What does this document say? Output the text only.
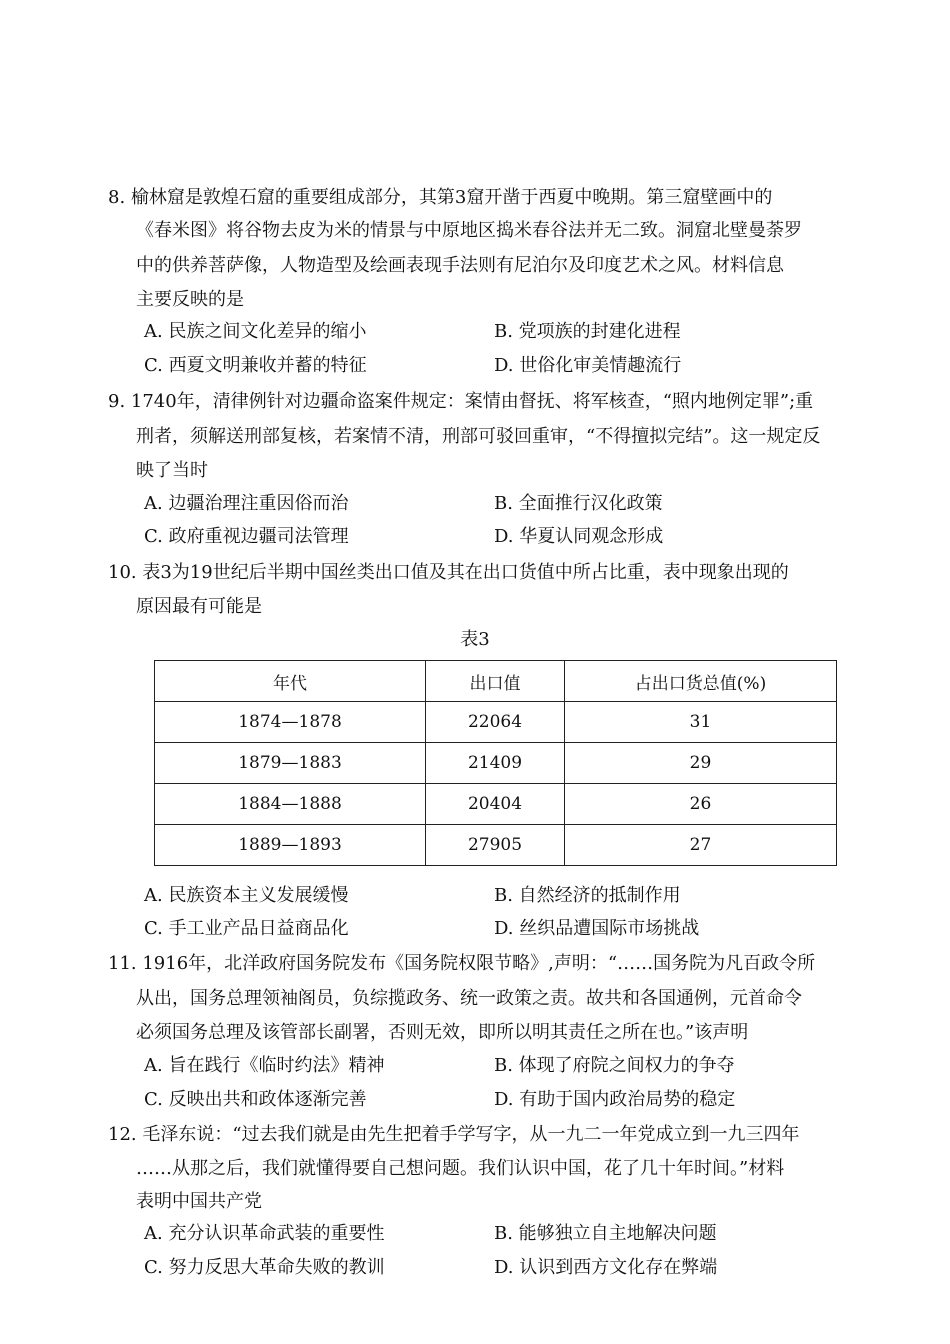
8. 榆林窟是敦煌石窟的重要组成部分，其第3窟开凿于西夏中晚期。第三窟壁画中的
《春米图》将谷物去皮为米的情景与中原地区捣米春谷法并无二致。洞窟北壁曼荼罗
中的供养菩萨像，人物造型及绘画表现手法则有尼泊尔及印度艺术之风。材料信息
主要反映的是
A. 民族之间文化差异的缩小	B. 党项族的封建化进程
C. 西夏文明兼收并蓄的特征	D. 世俗化审美情趣流行
9. 1740年，清律例针对边疆命盗案件规定：案情由督抚、将军核查，“照内地例定罪”;重
刑者，须解送刑部复核，若案情不清，刑部可驳回重审，“不得擅拟完结”。这一规定反
映了当时
A. 边疆治理注重因俗而治	B. 全面推行汉化政策
C. 政府重视边疆司法管理	D. 华夏认同观念形成
10. 表3为19世纪后半期中国丝类出口值及其在出口货值中所占比重，表中现象出现的
原因最有可能是
表3
年代	出口值	占出口货总值(%)
1874—1878	22064	31
1879—1883	21409	29
1884—1888	20404	26
1889—1893	27905	27
A. 民族资本主义发展缓慢	B. 自然经济的抵制作用
C. 手工业产品日益商品化	D. 丝织品遭国际市场挑战
11. 1916年，北洋政府国务院发布《国务院权限节略》,声明：“……国务院为凡百政令所
从出，国务总理领袖阁员，负综揽政务、统一政策之责。故共和各国通例，元首命令
必须国务总理及该管部长副署，否则无效，即所以明其责任之所在也。”该声明
A. 旨在践行《临时约法》精神	B. 体现了府院之间权力的争夺
C. 反映出共和政体逐渐完善	D. 有助于国内政治局势的稳定
12. 毛泽东说：“过去我们就是由先生把着手学写字，从一九二一年党成立到一九三四年
……从那之后，我们就懂得要自己想问题。我们认识中国，花了几十年时间。”材料
表明中国共产党
A. 充分认识革命武装的重要性	B. 能够独立自主地解决问题
C. 努力反思大革命失败的教训	D. 认识到西方文化存在弊端
